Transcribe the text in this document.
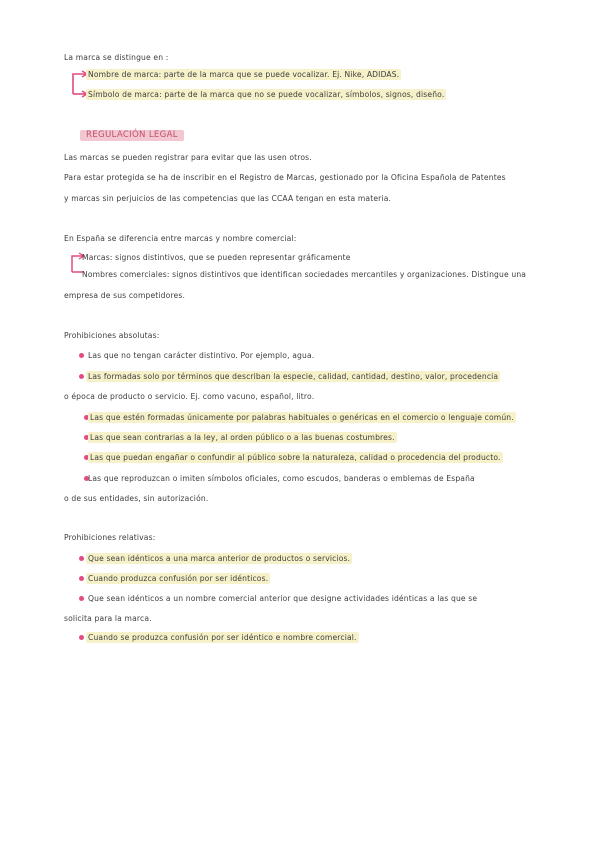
La marca se distingue en :
Nombre de marca: parte de la marca que se puede vocalizar. Ej. Nike, ADIDAS.
Símbolo de marca: parte de la marca que no se puede vocalizar, símbolos, signos, diseño.
REGULACIÓN LEGAL
Las marcas se pueden registrar para evitar que las usen otros.
Para estar protegida se ha de inscribir en el Registro de Marcas, gestionado por la Oficina Española de Patentes
y marcas sin perjuicios de las competencias que las CCAA tengan en esta materia.
En España se diferencia entre marcas y nombre comercial:
Marcas: signos distintivos, que se pueden representar gráficamente
Nombres comerciales: signos distintivos que identifican sociedades mercantiles y organizaciones. Distingue una
empresa de sus competidores.
Prohibiciones absolutas:
Las que no tengan carácter distintivo. Por ejemplo, agua.
Las formadas solo por términos que describan la especie, calidad, cantidad, destino, valor, procedencia
o época de producto o servicio. Ej. como vacuno, español, litro.
Las que estén formadas únicamente por palabras habituales o genéricas en el comercio o lenguaje común.
Las que sean contrarias a la ley, al orden público o a las buenas costumbres.
Las que puedan engañar o confundir al público sobre la naturaleza, calidad o procedencia del producto.
Las que reproduzcan o imiten símbolos oficiales, como escudos, banderas o emblemas de España
o de sus entidades, sin autorización.
Prohibiciones relativas:
Que sean idénticos a una marca anterior de productos o servicios.
Cuando produzca confusión por ser idénticos.
Que sean idénticos a un nombre comercial anterior que designe actividades idénticas a las que se
solicita para la marca.
Cuando se produzca confusión por ser idéntico e nombre comercial.
